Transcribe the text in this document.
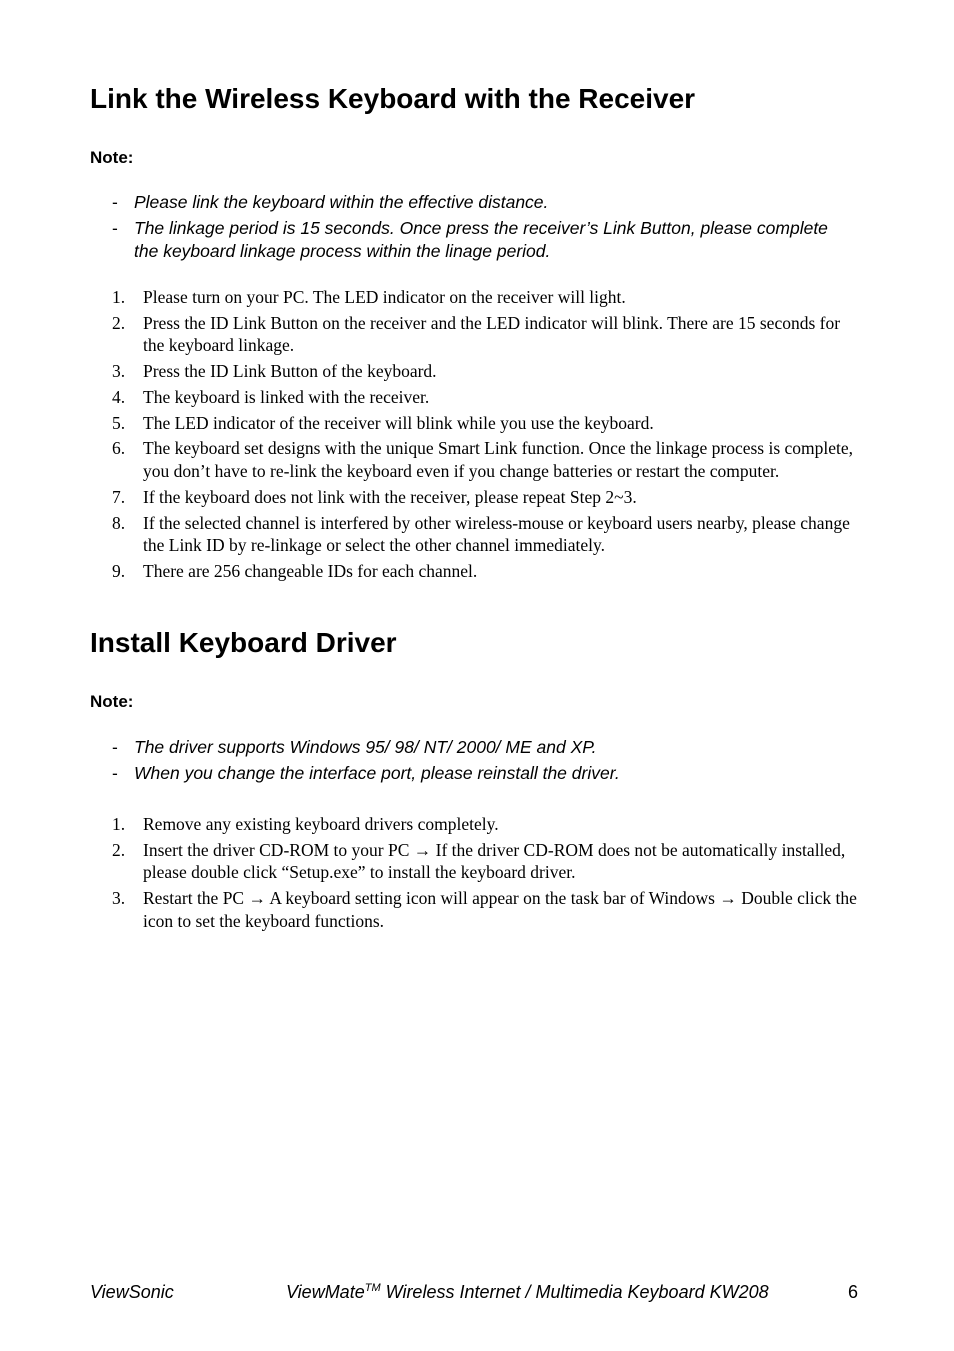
Link the Wireless Keyboard with the Receiver

Note:

- Please link the keyboard within the effective distance.
- The linkage period is 15 seconds. Once press the receiver’s Link Button, please complete the keyboard linkage process within the linage period.
1. Please turn on your PC. The LED indicator on the receiver will light.
2. Press the ID Link Button on the receiver and the LED indicator will blink. There are 15 seconds for the keyboard linkage.
3. Press the ID Link Button of the keyboard.
4. The keyboard is linked with the receiver.
5. The LED indicator of the receiver will blink while you use the keyboard.
6. The keyboard set designs with the unique Smart Link function. Once the linkage process is complete, you don’t have to re-link the keyboard even if you change batteries or restart the computer.
7. If the keyboard does not link with the receiver, please repeat Step 2~3.
8. If the selected channel is interfered by other wireless-mouse or keyboard users nearby, please change the Link ID by re-linkage or select the other channel immediately.
9. There are 256 changeable IDs for each channel.
Install Keyboard Driver

Note:

- The driver supports Windows 95/ 98/ NT/ 2000/ ME and XP.
- When you change the interface port, please reinstall the driver.
1. Remove any existing keyboard drivers completely.
2. Insert the driver CD-ROM to your PC → If the driver CD-ROM does not be automatically installed, please double click “Setup.exe” to install the keyboard driver.
3. Restart the PC → A keyboard setting icon will appear on the task bar of Windows → Double click the icon to set the keyboard functions.
ViewSonic	ViewMate™ Wireless Internet / Multimedia Keyboard KW208	6
